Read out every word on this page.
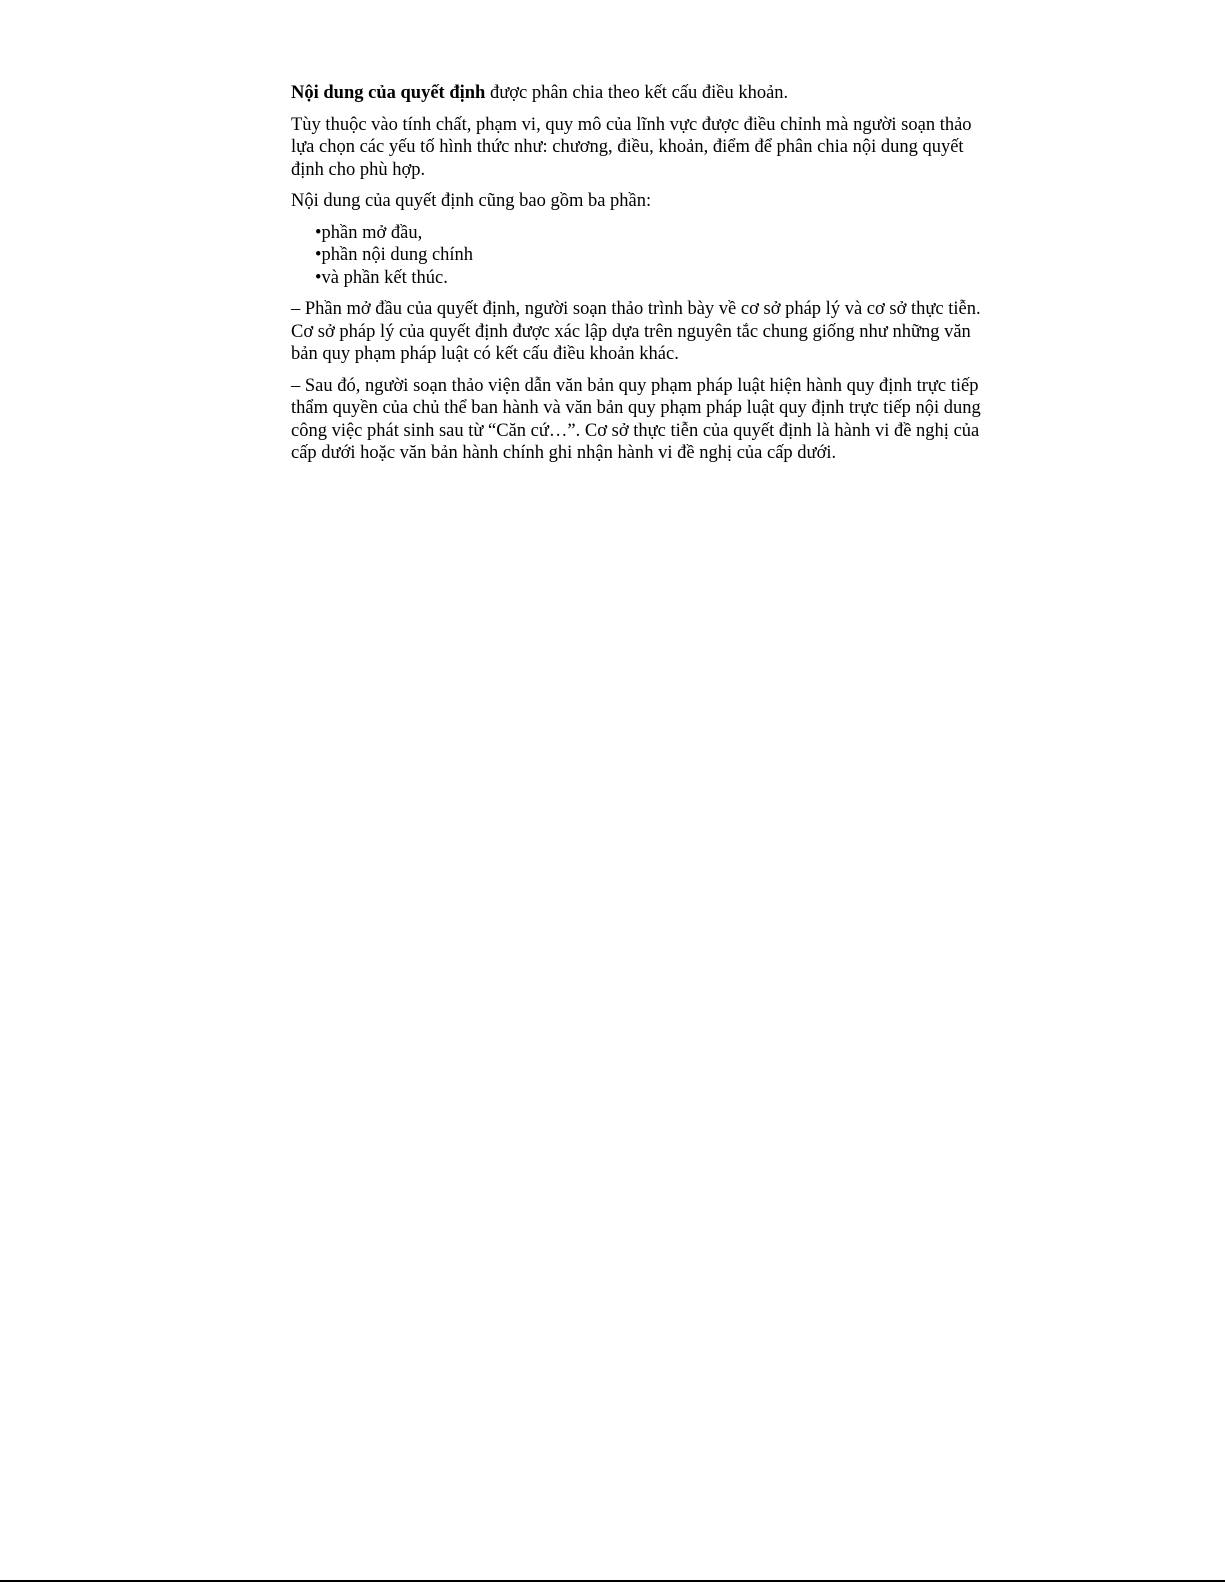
Nội dung của quyết định được phân chia theo kết cấu điều khoản.

Tùy thuộc vào tính chất, phạm vi, quy mô của lĩnh vực được điều chỉnh mà người soạn thảo lựa chọn các yếu tố hình thức như: chương, điều, khoản, điểm để phân chia nội dung quyết định cho phù hợp.

Nội dung của quyết định cũng bao gồm ba phần:

•phần mở đầu,
•phần nội dung chính
•và phần kết thúc.

– Phần mở đầu của quyết định, người soạn thảo trình bày về cơ sở pháp lý và cơ sở thực tiễn. Cơ sở pháp lý của quyết định được xác lập dựa trên nguyên tắc chung giống như những văn bản quy phạm pháp luật có kết cấu điều khoản khác.

– Sau đó, người soạn thảo viện dẫn văn bản quy phạm pháp luật hiện hành quy định trực tiếp thẩm quyền của chủ thể ban hành và văn bản quy phạm pháp luật quy định trực tiếp nội dung công việc phát sinh sau từ “Căn cứ…”. Cơ sở thực tiễn của quyết định là hành vi đề nghị của cấp dưới hoặc văn bản hành chính ghi nhận hành vi đề nghị của cấp dưới.
